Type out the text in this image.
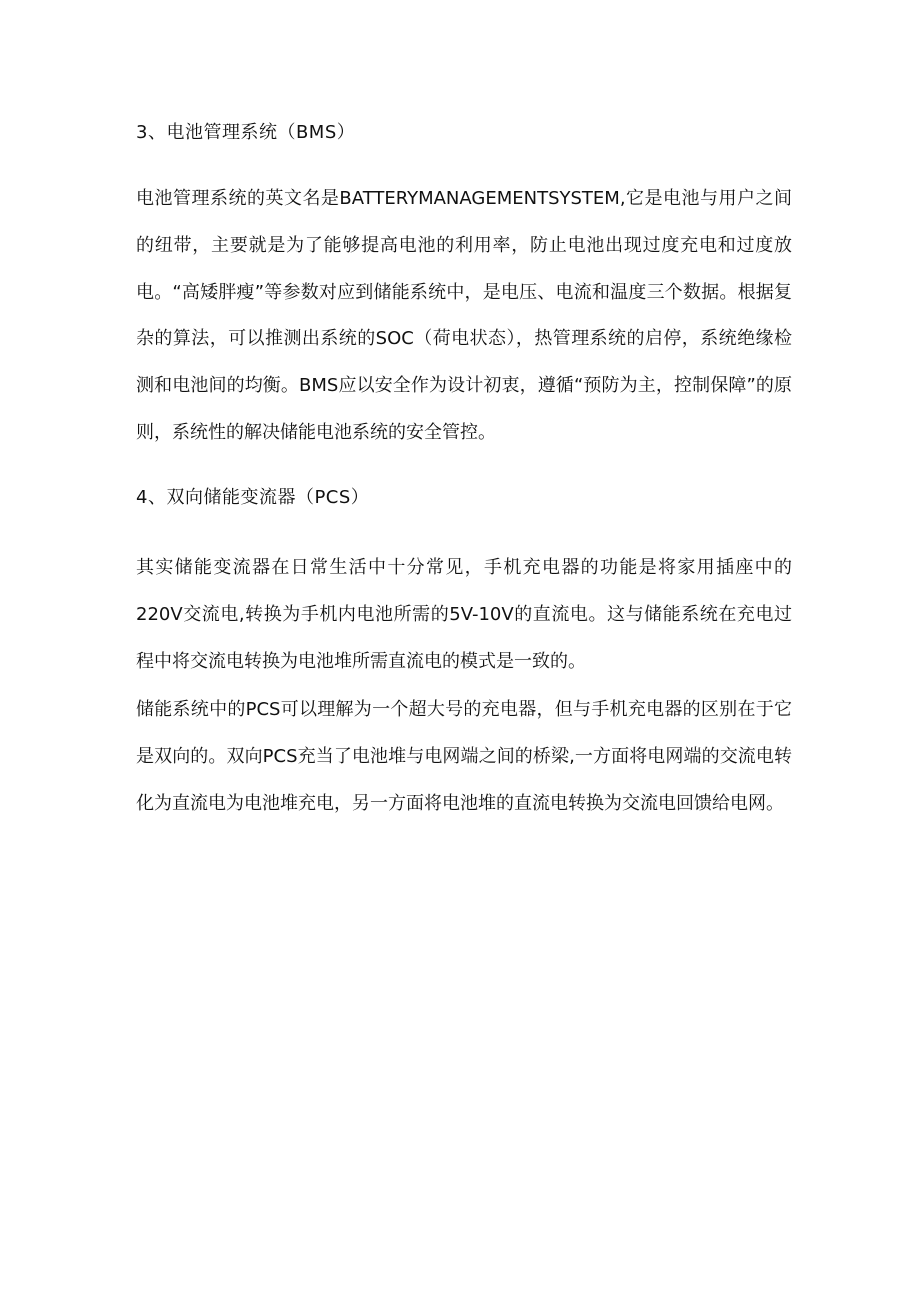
3、电池管理系统（BMS）

电池管理系统的英文名是BATTERYMANAGEMENTSYSTEM,它是电池与用户之间的纽带，主要就是为了能够提高电池的利用率，防止电池出现过度充电和过度放电。“高矮胖瘦”等参数对应到储能系统中，是电压、电流和温度三个数据。根据复杂的算法，可以推测出系统的SOC（荷电状态），热管理系统的启停，系统绝缘检测和电池间的均衡。BMS应以安全作为设计初衷，遵循“预防为主，控制保障”的原则，系统性的解决储能电池系统的安全管控。

4、双向储能变流器（PCS）

其实储能变流器在日常生活中十分常见，手机充电器的功能是将家用插座中的220V交流电,转换为手机内电池所需的5V-10V的直流电。这与储能系统在充电过程中将交流电转换为电池堆所需直流电的模式是一致的。

储能系统中的PCS可以理解为一个超大号的充电器，但与手机充电器的区别在于它是双向的。双向PCS充当了电池堆与电网端之间的桥梁,一方面将电网端的交流电转化为直流电为电池堆充电，另一方面将电池堆的直流电转换为交流电回馈给电网。
